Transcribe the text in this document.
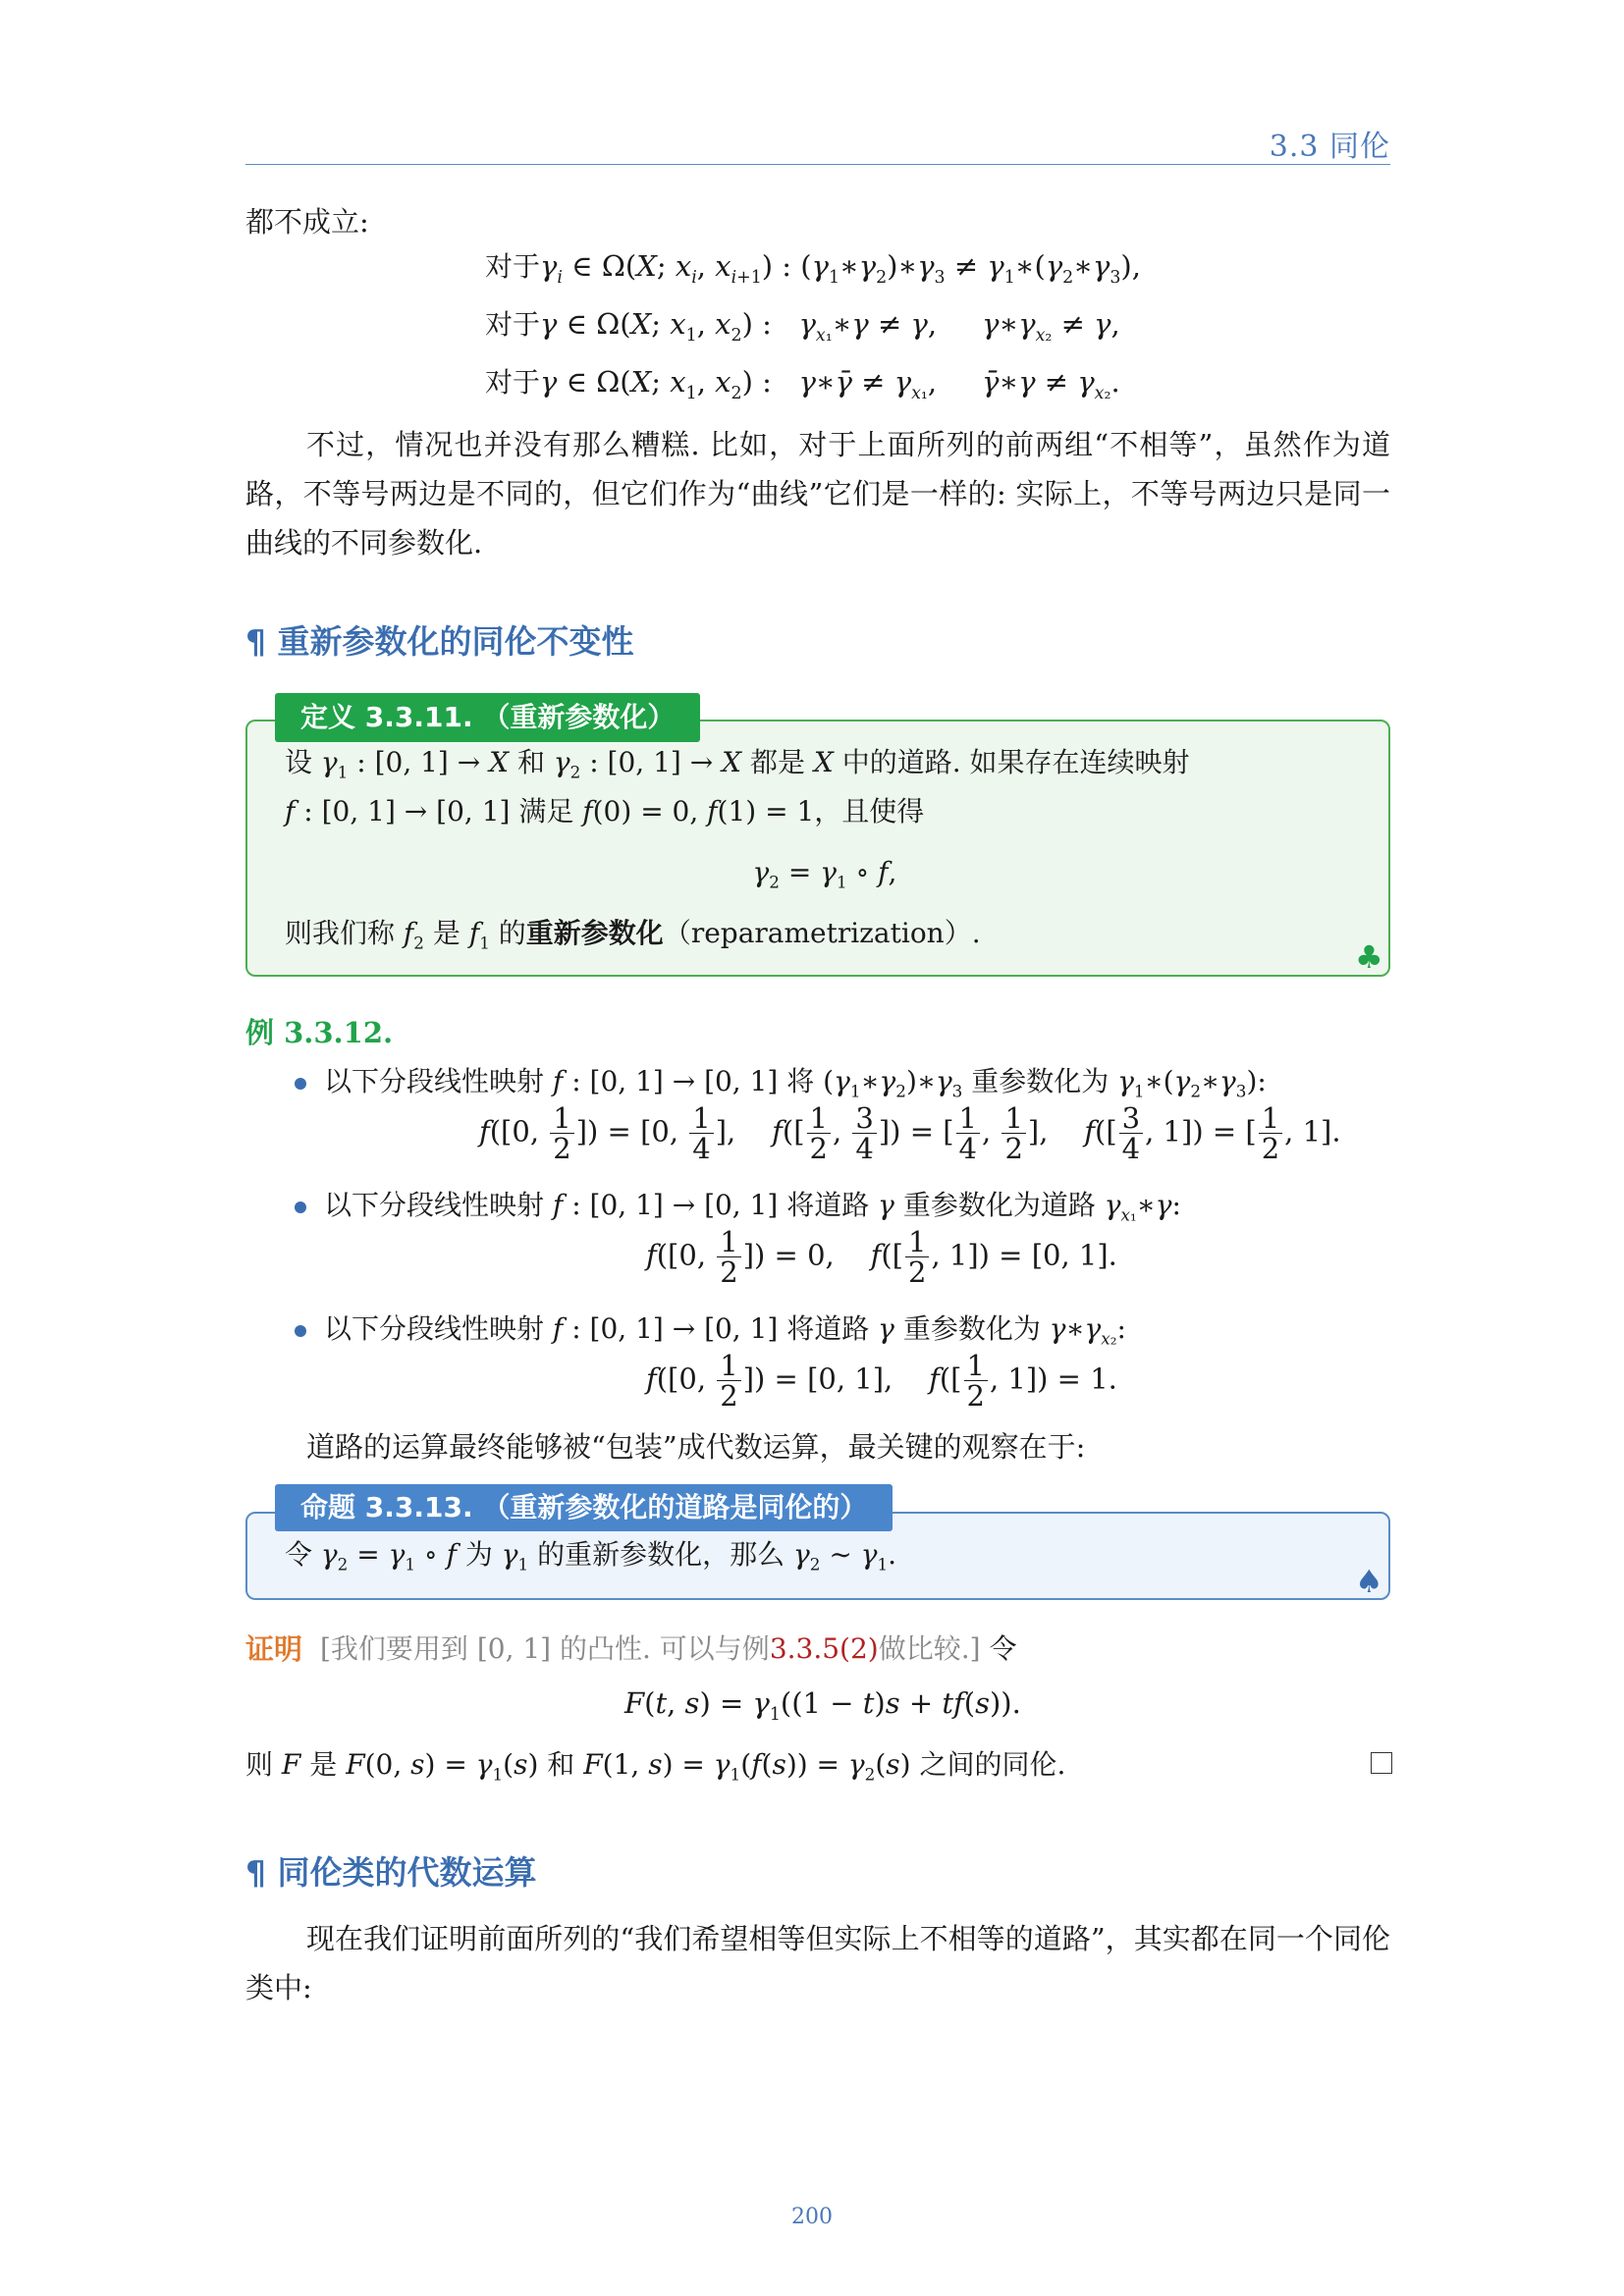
3.3 同伦
都不成立:
对于$\gamma_i$ ∈ Ω(X; $x_i$, $x_{i+1}$) : $(\gamma_1∗\gamma_2)∗\gamma_3$ ≠ $\gamma_1∗(\gamma_2∗\gamma_3)$,
对于γ ∈ Ω(X; $x_1$, $x_2$) :   $\gamma_{x_1}∗\gamma \ne \gamma$,     $\gamma∗\gamma_{x_2} \ne \gamma$,
对于γ ∈ Ω(X; $x_1$, $x_2$) :   γ∗γ̄ ≠ $\gamma_{x_1}$,     γ̄∗γ ≠ $\gamma_{x_2}$.
不过，情况也并没有那么糟糕. 比如，对于上面所列的前两组“不相等”，虽然作为道路，不等号两边是不同的，但它们作为“曲线”它们是一样的: 实际上，不等号两边只是同一曲线的不同参数化.
¶ 重新参数化的同伦不变性
定义 3.3.11. （重新参数化）
设 $\gamma_1$ : [0, 1] → X 和 $\gamma_2$ : [0, 1] → X 都是 X 中的道路. 如果存在连续映射
f : [0, 1] → [0, 1] 满足 f(0) = 0, f(1) = 1，且使得
$\gamma_2 = \gamma_1$ ∘ f,
则我们称 $f_2$ 是 $f_1$ 的重新参数化（reparametrization）.
♣
例 3.3.12.
以下分段线性映射 f : [0, 1] → [0, 1] 将 $(\gamma_1∗\gamma_2)∗\gamma_3$ 重参数化为 $\gamma_1∗(\gamma_2∗\gamma_3)$:
f([0, $\frac{1}{2}$ ]) = [0, $\frac{1}{4}$ ],    $f([ \frac{1}{2}$ , $\frac{3}{4}$ ]) = [ $\frac{1}{4}$ , $\frac{1}{2}$ ],    $f([ \frac{3}{4}$ , 1]) = [ $\frac{1}{2}$ , 1].
以下分段线性映射 f : [0, 1] → [0, 1] 将道路 γ 重参数化为道路 $\gamma_{x_1}∗\gamma$:
f([0, $\frac{1}{2}$ ]) = 0,    $f([ \frac{1}{2}$ , 1]) = [0, 1].
以下分段线性映射 f : [0, 1] → [0, 1] 将道路 γ 重参数化为 $\gamma∗\gamma_{x_2}$:
f([0, $\frac{1}{2}$ ]) = [0, 1],    $f([ \frac{1}{2}$ , 1]) = 1.
道路的运算最终能够被“包装”成代数运算，最关键的观察在于:
命题 3.3.13. （重新参数化的道路是同伦的）
令 $\gamma_2 = \gamma_1$ ∘ f 为 $\gamma_1$ 的重新参数化，那么 $\gamma_2$ ∼ $\gamma_1$.
♠
证明 [我们要用到 [0, 1] 的凸性. 可以与例3.3.5(2)做比较.] 令
F(t, $s) = \gamma_1((1 - t)s + tf(s))$.
则 F 是 F(0, $s) = \gamma_1(s)$ 和 F(1, $s) = \gamma_1(f(s)) = \gamma_2(s)$ 之间的同伦.
¶ 同伦类的代数运算
现在我们证明前面所列的“我们希望相等但实际上不相等的道路”，其实都在同一个同伦类中:
200
